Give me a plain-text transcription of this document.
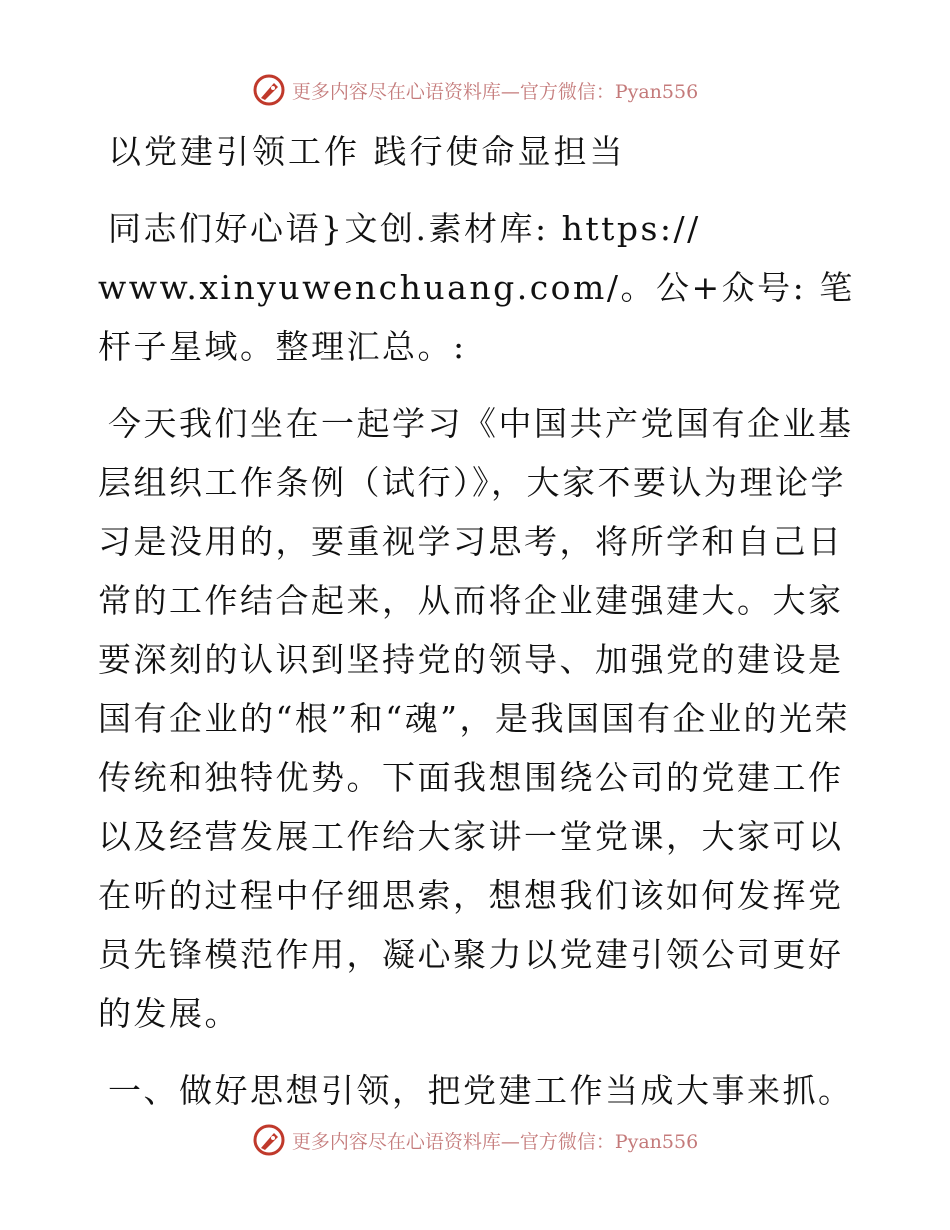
更多内容尽在心语资料库—官方微信：Pyan556

以党建引领工作 践行使命显担当

同志们好心语}文创.素材库: https:// www.xinyuwenchuang.com/。公+众号: 笔杆子星域。整理汇总。:

今天我们坐在一起学习《中国共产党国有企业基层组织工作条例（试行）》，大家不要认为理论学习是没用的，要重视学习思考，将所学和自己日常的工作结合起来，从而将企业建强建大。大家要深刻的认识到坚持党的领导、加强党的建设是国有企业的“根”和“魂”，是我国国有企业的光荣传统和独特优势。下面我想围绕公司的党建工作以及经营发展工作给大家讲一堂党课，大家可以在听的过程中仔细思索，想想我们该如何发挥党员先锋模范作用，凝心聚力以党建引领公司更好的发展。

一、做好思想引领，把党建工作当成大事来抓。

更多内容尽在心语资料库—官方微信：Pyan556
